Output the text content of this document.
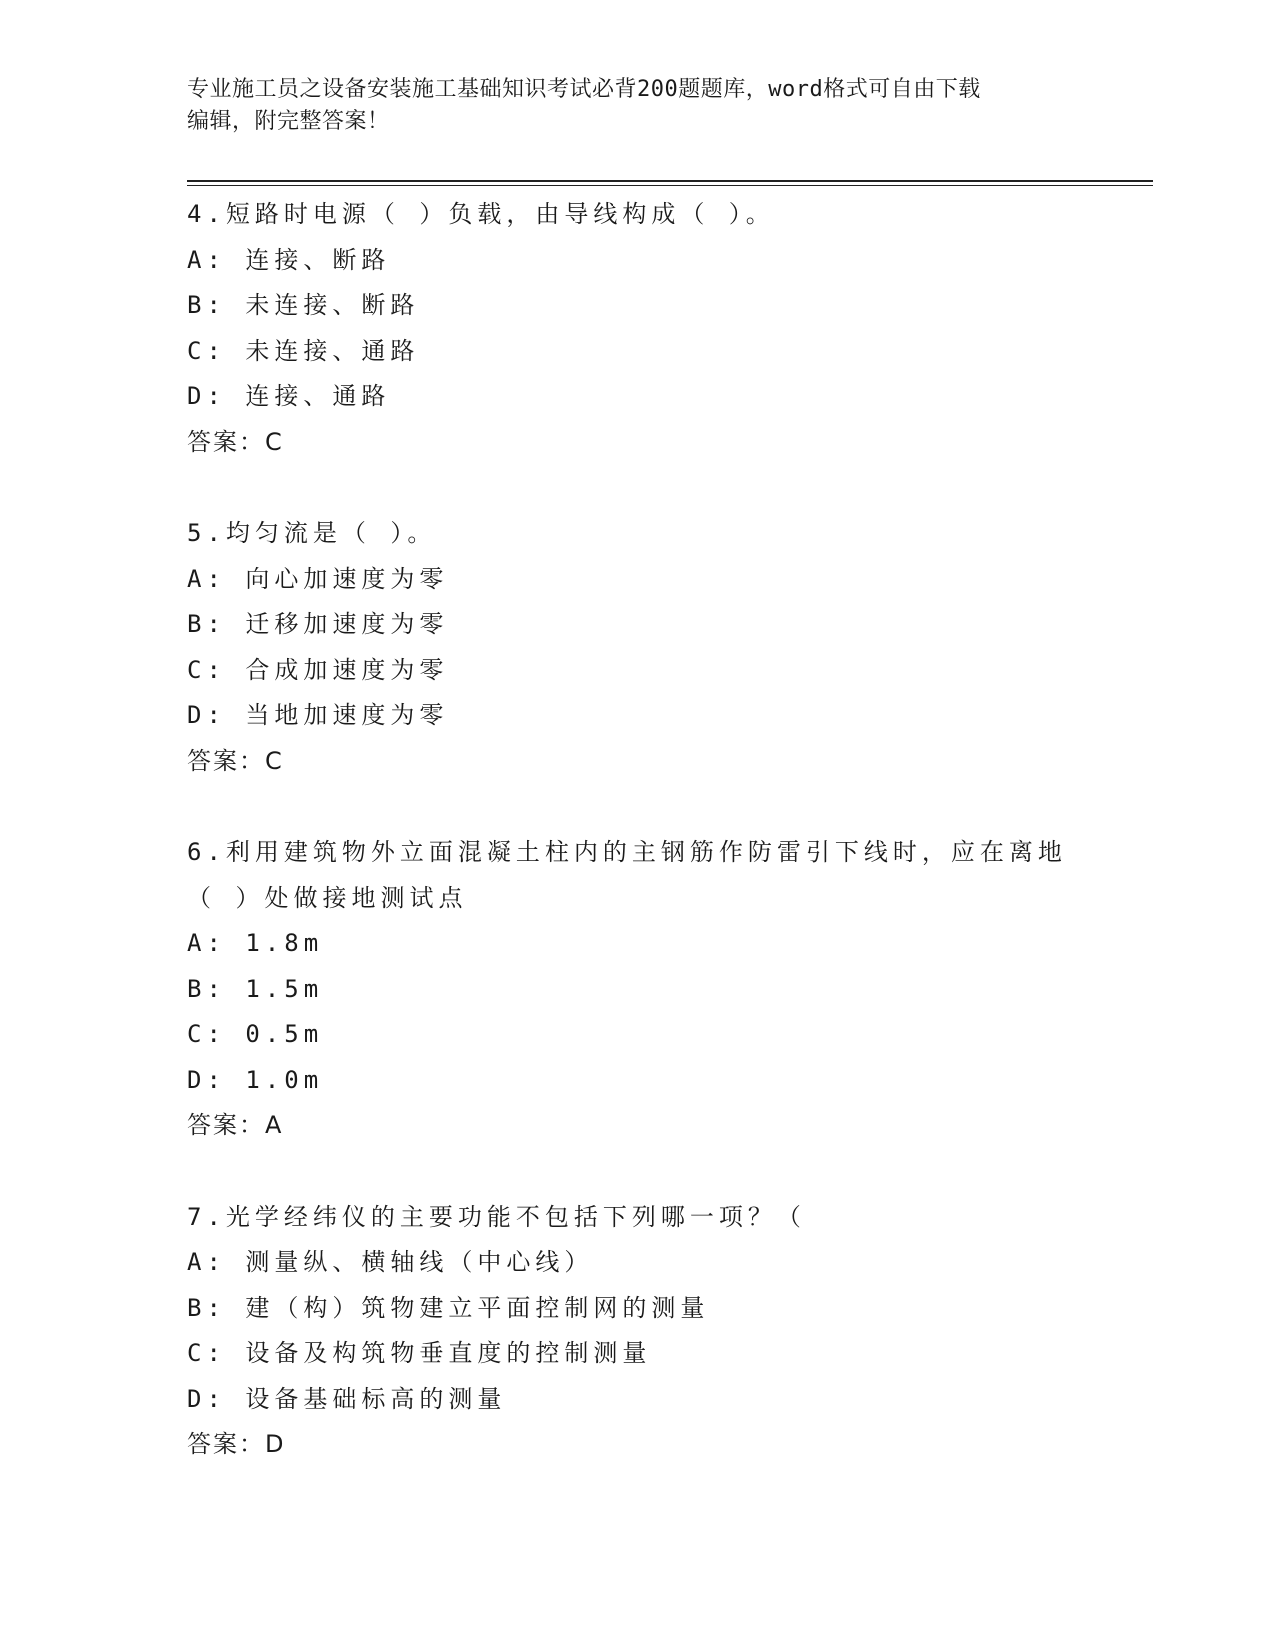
专业施工员之设备安装施工基础知识考试必背200题题库，word格式可自由下载
编辑，附完整答案！

4.短路时电源（ ）负载，由导线构成（ ）。

A: 连接、断路

B: 未连接、断路

C: 未连接、通路

D: 连接、通路

答案：C

5.均匀流是（ ）。

A: 向心加速度为零

B: 迁移加速度为零

C: 合成加速度为零

D: 当地加速度为零

答案：C

6.利用建筑物外立面混凝土柱内的主钢筋作防雷引下线时，应在离地

（ ）处做接地测试点

A: 1.8m

B: 1.5m

C: 0.5m

D: 1.0m

答案：A

7.光学经纬仪的主要功能不包括下列哪一项？（

A: 测量纵、横轴线（中心线）

B: 建（构）筑物建立平面控制网的测量

C: 设备及构筑物垂直度的控制测量

D: 设备基础标高的测量

答案：D
